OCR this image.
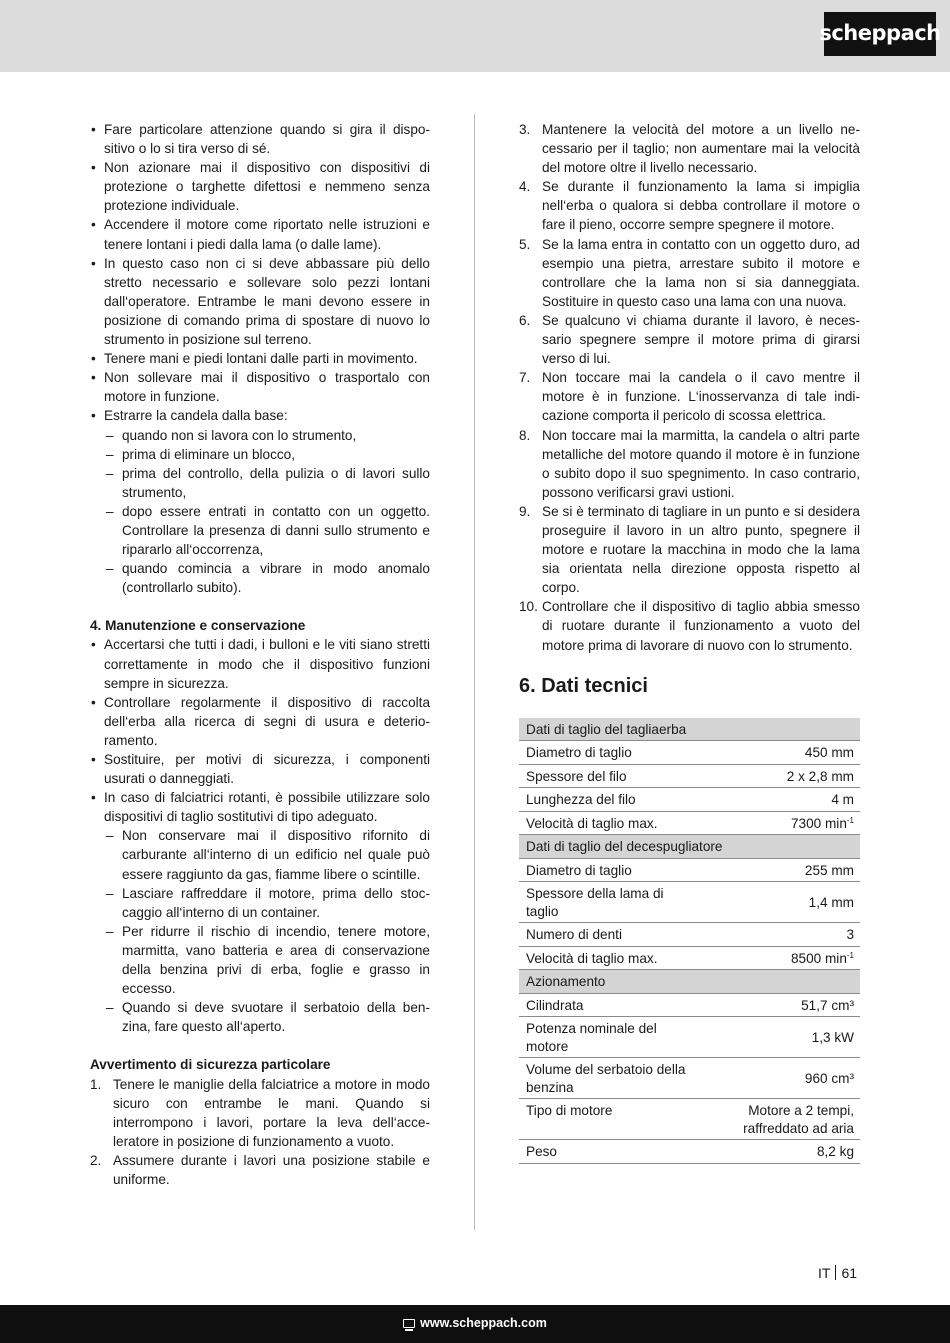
scheppach
• Fare particolare attenzione quando si gira il dispositivo o lo si tira verso di sé.
• Non azionare mai il dispositivo con dispositivi di protezione o targhette difettosi e nemmeno senza protezione individuale.
• Accendere il motore come riportato nelle istruzioni e tenere lontani i piedi dalla lama (o dalle lame).
• In questo caso non ci si deve abbassare più dello stretto necessario e sollevare solo pezzi lontani dall‘operatore. Entrambe le mani devono essere in posizione di comando prima di spostare di nuovo lo strumento in posizione sul terreno.
• Tenere mani e piedi lontani dalle parti in movimento.
• Non sollevare mai il dispositivo o trasportalo con motore in funzione.
• Estrarre la candela dalla base:
– quando non si lavora con lo strumento,
– prima di eliminare un blocco,
– prima del controllo, della pulizia o di lavori sullo strumento,
– dopo essere entrati in contatto con un oggetto. Controllare la presenza di danni sullo strumento e ripararlo all‘occorrenza,
– quando comincia a vibrare in modo anomalo (controllarlo subito).
4. Manutenzione e conservazione
• Accertarsi che tutti i dadi, i bulloni e le viti siano stretti correttamente in modo che il dispositivo funzioni sempre in sicurezza.
• Controllare regolarmente il dispositivo di raccolta dell‘erba alla ricerca di segni di usura e deterioramento.
• Sostituire, per motivi di sicurezza, i componenti usurati o danneggiati.
• In caso di falciatrici rotanti, è possibile utilizzare solo dispositivi di taglio sostitutivi di tipo adeguato.
– Non conservare mai il dispositivo rifornito di carburante all‘interno di un edificio nel quale può essere raggiunto da gas, fiamme libere o scintille.
– Lasciare raffreddare il motore, prima dello stoccaggio all‘interno di un container.
– Per ridurre il rischio di incendio, tenere motore, marmitta, vano batteria e area di conservazione della benzina privi di erba, foglie e grasso in eccesso.
– Quando si deve svuotare il serbatoio della benzina, fare questo all‘aperto.
Avvertimento di sicurezza particolare
1. Tenere le maniglie della falciatrice a motore in modo sicuro con entrambe le mani. Quando si interrompono i lavori, portare la leva dell‘acceleratore in posizione di funzionamento a vuoto.
2. Assumere durante i lavori una posizione stabile e uniforme.
3. Mantenere la velocità del motore a un livello necessario per il taglio; non aumentare mai la velocità del motore oltre il livello necessario.
4. Se durante il funzionamento la lama si impiglia nell‘erba o qualora si debba controllare il motore o fare il pieno, occorre sempre spegnere il motore.
5. Se la lama entra in contatto con un oggetto duro, ad esempio una pietra, arrestare subito il motore e controllare che la lama non si sia danneggiata. Sostituire in questo caso una lama con una nuova.
6. Se qualcuno vi chiama durante il lavoro, è necessario spegnere sempre il motore prima di girarsi verso di lui.
7. Non toccare mai la candela o il cavo mentre il motore è in funzione. L‘inosservanza di tale indicazione comporta il pericolo di scossa elettrica.
8. Non toccare mai la marmitta, la candela o altri parte metalliche del motore quando il motore è in funzione o subito dopo il suo spegnimento. In caso contrario, possono verificarsi gravi ustioni.
9. Se si è terminato di tagliare in un punto e si desidera proseguire il lavoro in un altro punto, spegnere il motore e ruotare la macchina in modo che la lama sia orientata nella direzione opposta rispetto al corpo.
10. Controllare che il dispositivo di taglio abbia smesso di ruotare durante il funzionamento a vuoto del motore prima di lavorare di nuovo con lo strumento.
6. Dati tecnici
Dati di taglio del tagliaerba	
Diametro di taglio	450 mm
Spessore del filo	2 x 2,8 mm
Lunghezza del filo	4 m
Velocità di taglio max.	7300 $\min^{-1}$
Dati di taglio del decespugliatore	
Diametro di taglio	255 mm
Spessore della lama di taglio	1,4 mm
Numero di denti	3
Velocità di taglio max.	8500 $\min^{-1}$
Azionamento	
Cilindrata	51,7 cm³
Potenza nominale del motore	1,3 kW
Volume del serbatoio della benzina	960 cm³
Tipo di motore	Motore a 2 tempi,
raffreddato ad aria
Peso	8,2 kg
IT 61
www.scheppach.com
